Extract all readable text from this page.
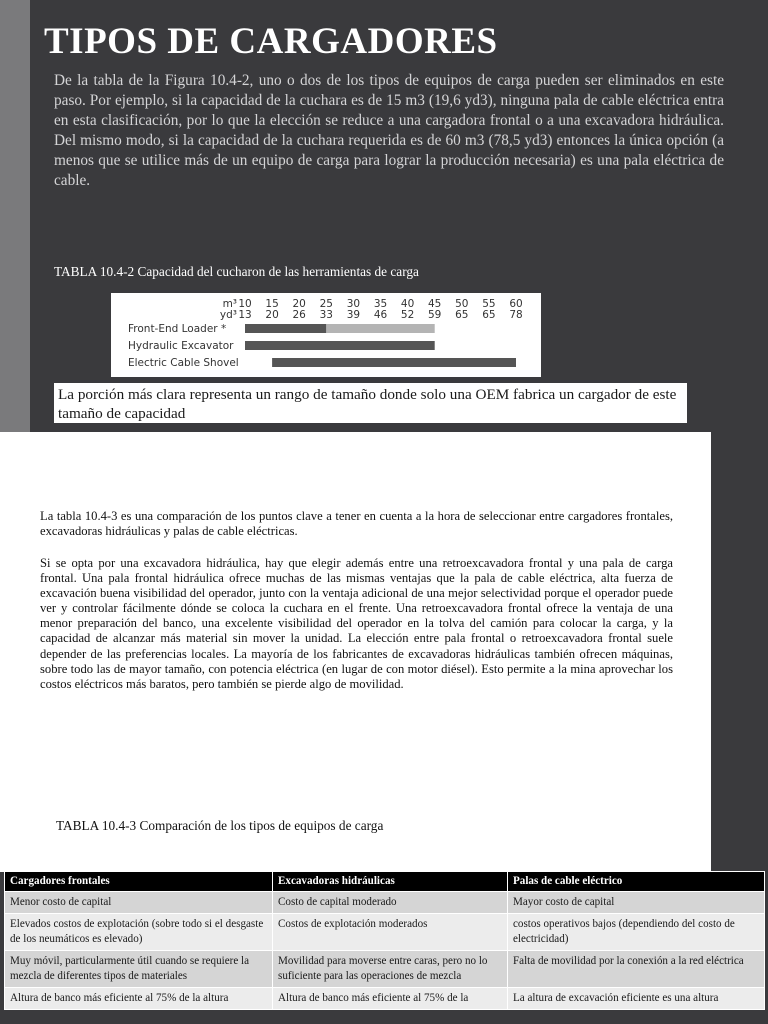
TIPOS DE CARGADORES

De la tabla de la Figura 10.4-2, uno o dos de los tipos de equipos de carga pueden ser eliminados en este paso. Por ejemplo, si la capacidad de la cuchara es de 15 m3 (19,6 yd3), ninguna pala de cable eléctrica entra en esta clasificación, por lo que la elección se reduce a una cargadora frontal o a una excavadora hidráulica. Del mismo modo, si la capacidad de la cuchara requerida es de 60 m3 (78,5 yd3) entonces la única opción (a menos que se utilice más de un equipo de carga para lograr la producción necesaria) es una pala eléctrica de cable.

TABLA 10.4-2 Capacidad del cucharon de las herramientas de carga
m³
yd³
10 15 20 25 30 35 40 45 50 55 60
13 20 26 33 39 46 52 59 65 65 78
Front-End Loader *
Hydraulic Excavator
Electric Cable Shovel
La porción más clara representa un rango de tamaño donde solo una OEM fabrica un cargador de este tamaño de capacidad

La tabla 10.4-3 es una comparación de los puntos clave a tener en cuenta a la hora de seleccionar entre cargadores frontales, excavadoras hidráulicas y palas de cable eléctricas.

Si se opta por una excavadora hidráulica, hay que elegir además entre una retroexcavadora frontal y una pala de carga frontal. Una pala frontal hidráulica ofrece muchas de las mismas ventajas que la pala de cable eléctrica, alta fuerza de excavación buena visibilidad del operador, junto con la ventaja adicional de una mejor selectividad porque el operador puede ver y controlar fácilmente dónde se coloca la cuchara en el frente. Una retroexcavadora frontal ofrece la ventaja de una menor preparación del banco, una excelente visibilidad del operador en la tolva del camión para colocar la carga, y la capacidad de alcanzar más material sin mover la unidad. La elección entre pala frontal o retroexcavadora frontal suele depender de las preferencias locales. La mayoría de los fabricantes de excavadoras hidráulicas también ofrecen máquinas, sobre todo las de mayor tamaño, con potencia eléctrica (en lugar de con motor diésel). Esto permite a la mina aprovechar los costos eléctricos más baratos, pero también se pierde algo de movilidad.

TABLA 10.4-3 Comparación de los tipos de equipos de carga
Cargadores frontales	Excavadoras hidráulicas	Palas de cable eléctrico
Menor costo de capital	Costo de capital moderado	Mayor costo de capital
Elevados costos de explotación (sobre todo si el desgaste de los neumáticos es elevado)	Costos de explotación moderados	costos operativos bajos (dependiendo del costo de electricidad)
Muy móvil, particularmente útil cuando se requiere la mezcla de diferentes tipos de materiales	Movilidad para moverse entre caras, pero no lo suficiente para las operaciones de mezcla	Falta de movilidad por la conexión a la red eléctrica
Altura de banco más eficiente al 75% de la altura	Altura de banco más eficiente al 75% de la	La altura de excavación eficiente es una altura
